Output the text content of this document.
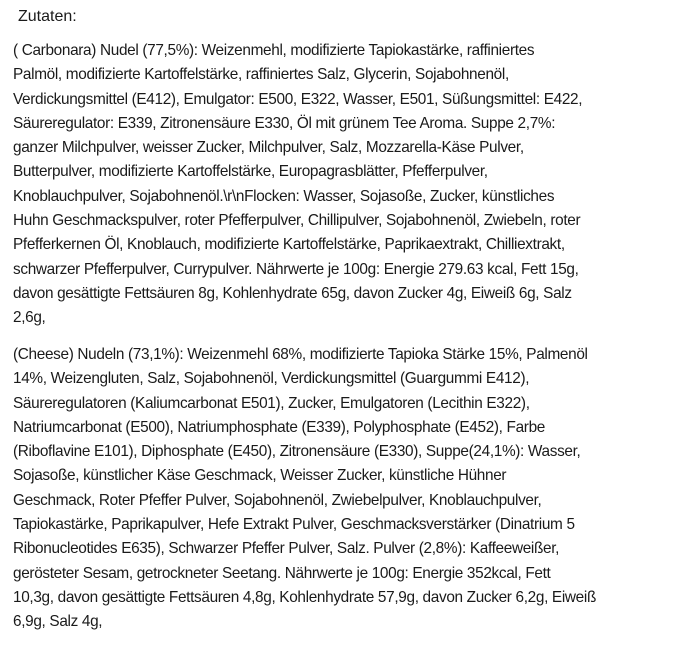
Zutaten:
( Carbonara) Nudel (77,5%): Weizenmehl, modifizierte Tapiokastärke, raffiniertes
Palmöl, modifizierte Kartoffelstärke, raffiniertes Salz, Glycerin, Sojabohnenöl,
Verdickungsmittel (E412), Emulgator: E500, E322, Wasser, E501, Süßungsmittel: E422,
Säureregulator: E339, Zitronensäure E330, Öl mit grünem Tee Aroma. Suppe 2,7%:
ganzer Milchpulver, weisser Zucker, Milchpulver, Salz, Mozzarella-Käse Pulver,
Butterpulver, modifizierte Kartoffelstärke, Europagrasblätter, Pfefferpulver,
Knoblauchpulver, Sojabohnenöl.\r\nFlocken: Wasser, Sojasoße, Zucker, künstliches
Huhn Geschmackspulver, roter Pfefferpulver, Chillipulver, Sojabohnenöl, Zwiebeln, roter
Pfefferkernen Öl, Knoblauch, modifizierte Kartoffelstärke, Paprikaextrakt, Chilliextrakt,
schwarzer Pfefferpulver, Currypulver. Nährwerte je 100g: Energie 279.63 kcal, Fett 15g,
davon gesättigte Fettsäuren 8g, Kohlenhydrate 65g, davon Zucker 4g, Eiweiß 6g, Salz
2,6g,
(Cheese) Nudeln (73,1%): Weizenmehl 68%, modifizierte Tapioka Stärke 15%, Palmenöl
14%, Weizengluten, Salz, Sojabohnenöl, Verdickungsmittel (Guargummi E412),
Säureregulatoren (Kaliumcarbonat E501), Zucker, Emulgatoren (Lecithin E322),
Natriumcarbonat (E500), Natriumphosphate (E339), Polyphosphate (E452), Farbe
(Riboflavine E101), Diphosphate (E450), Zitronensäure (E330), Suppe(24,1%): Wasser,
Sojasoße, künstlicher Käse Geschmack, Weisser Zucker, künstliche Hühner
Geschmack, Roter Pfeffer Pulver, Sojabohnenöl, Zwiebelpulver, Knoblauchpulver,
Tapiokastärke, Paprikapulver, Hefe Extrakt Pulver, Geschmacksverstärker (Dinatrium 5
Ribonucleotides E635), Schwarzer Pfeffer Pulver, Salz. Pulver (2,8%): Kaffeeweißer,
gerösteter Sesam, getrockneter Seetang. Nährwerte je 100g: Energie 352kcal, Fett
10,3g, davon gesättigte Fettsäuren 4,8g, Kohlenhydrate 57,9g, davon Zucker 6,2g, Eiweiß
6,9g, Salz 4g,
